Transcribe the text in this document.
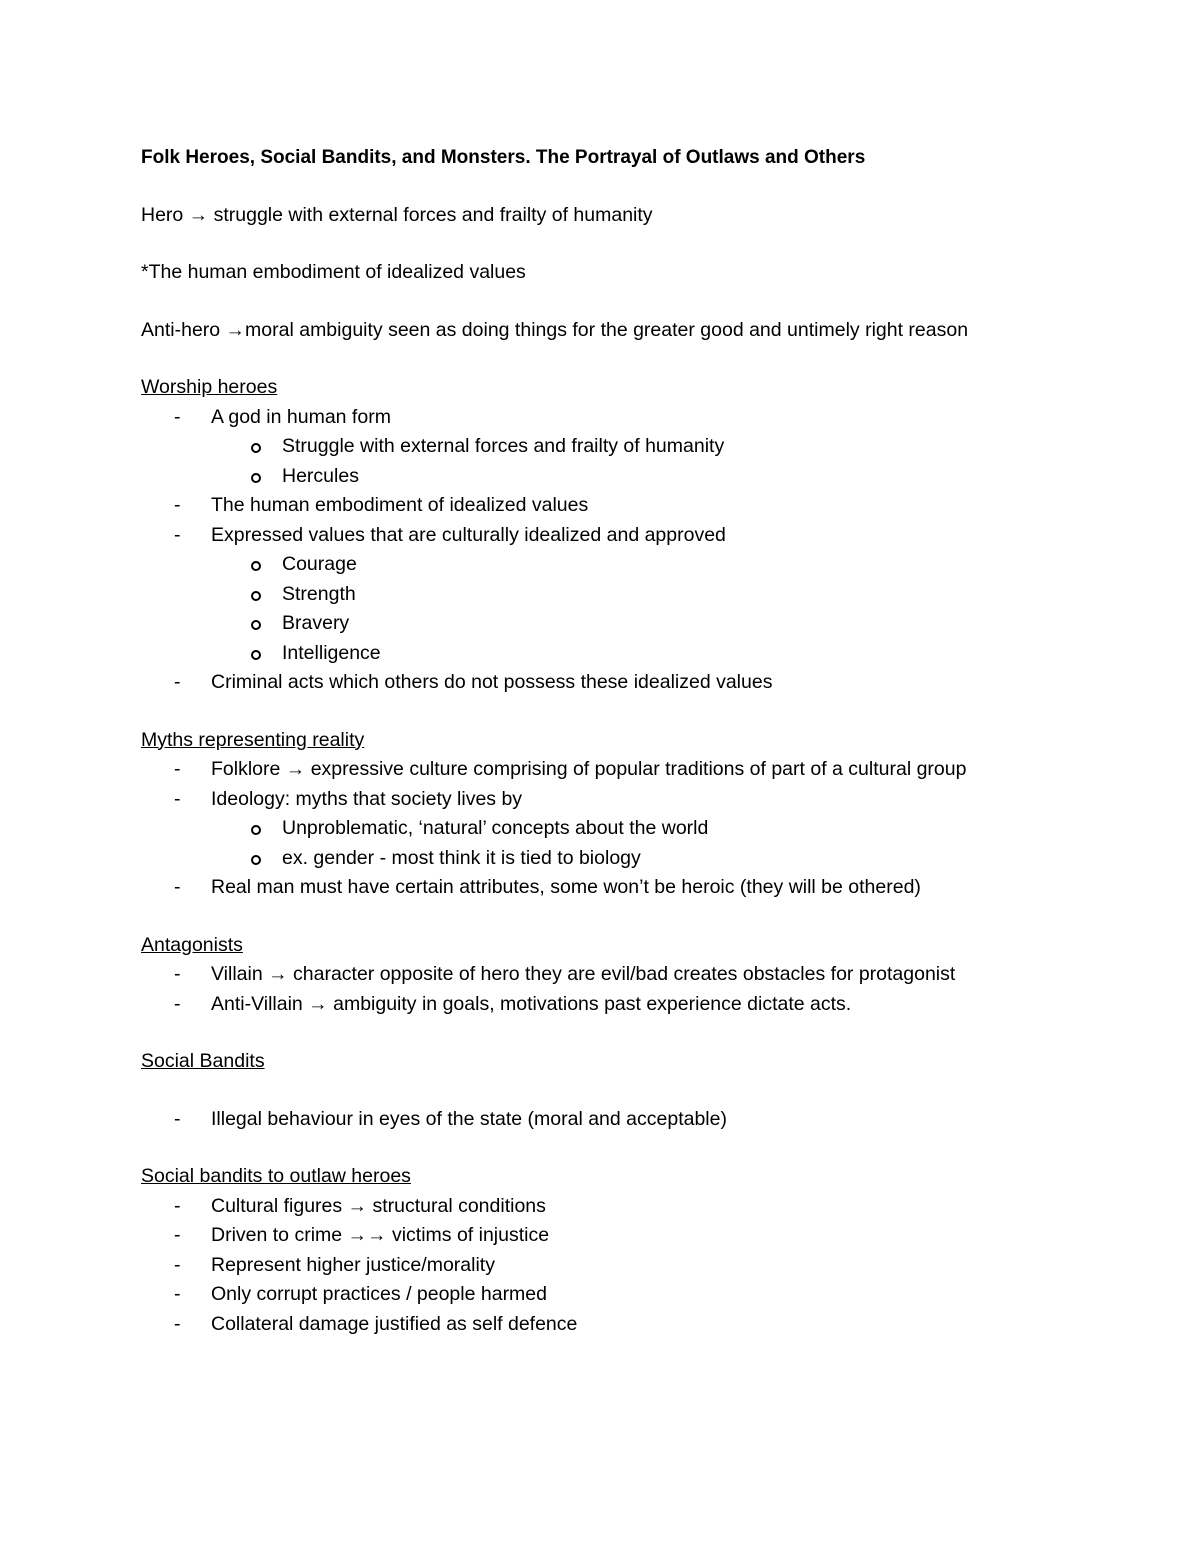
Folk Heroes, Social Bandits, and Monsters. The Portrayal of Outlaws and Others

Hero → struggle with external forces and frailty of humanity

*The human embodiment of idealized values

Anti-hero →moral ambiguity seen as doing things for the greater good and untimely right reason

Worship heroes

- A god in human form
Struggle with external forces and frailty of humanity
Hercules
- The human embodiment of idealized values
- Expressed values that are culturally idealized and approved
Courage
Strength
Bravery
Intelligence
- Criminal acts which others do not possess these idealized values

Myths representing reality

- Folklore → expressive culture comprising of popular traditions of part of a cultural group
- Ideology: myths that society lives by
Unproblematic, ‘natural’ concepts about the world
ex. gender - most think it is tied to biology
- Real man must have certain attributes, some won’t be heroic (they will be othered)

Antagonists

- Villain → character opposite of hero they are evil/bad creates obstacles for protagonist
- Anti-Villain → ambiguity in goals, motivations past experience dictate acts.

Social Bandits

- Illegal behaviour in eyes of the state (moral and acceptable)

Social bandits to outlaw heroes

- Cultural figures → structural conditions
- Driven to crime →→ victims of injustice
- Represent higher justice/morality
- Only corrupt practices / people harmed
- Collateral damage justified as self defence
